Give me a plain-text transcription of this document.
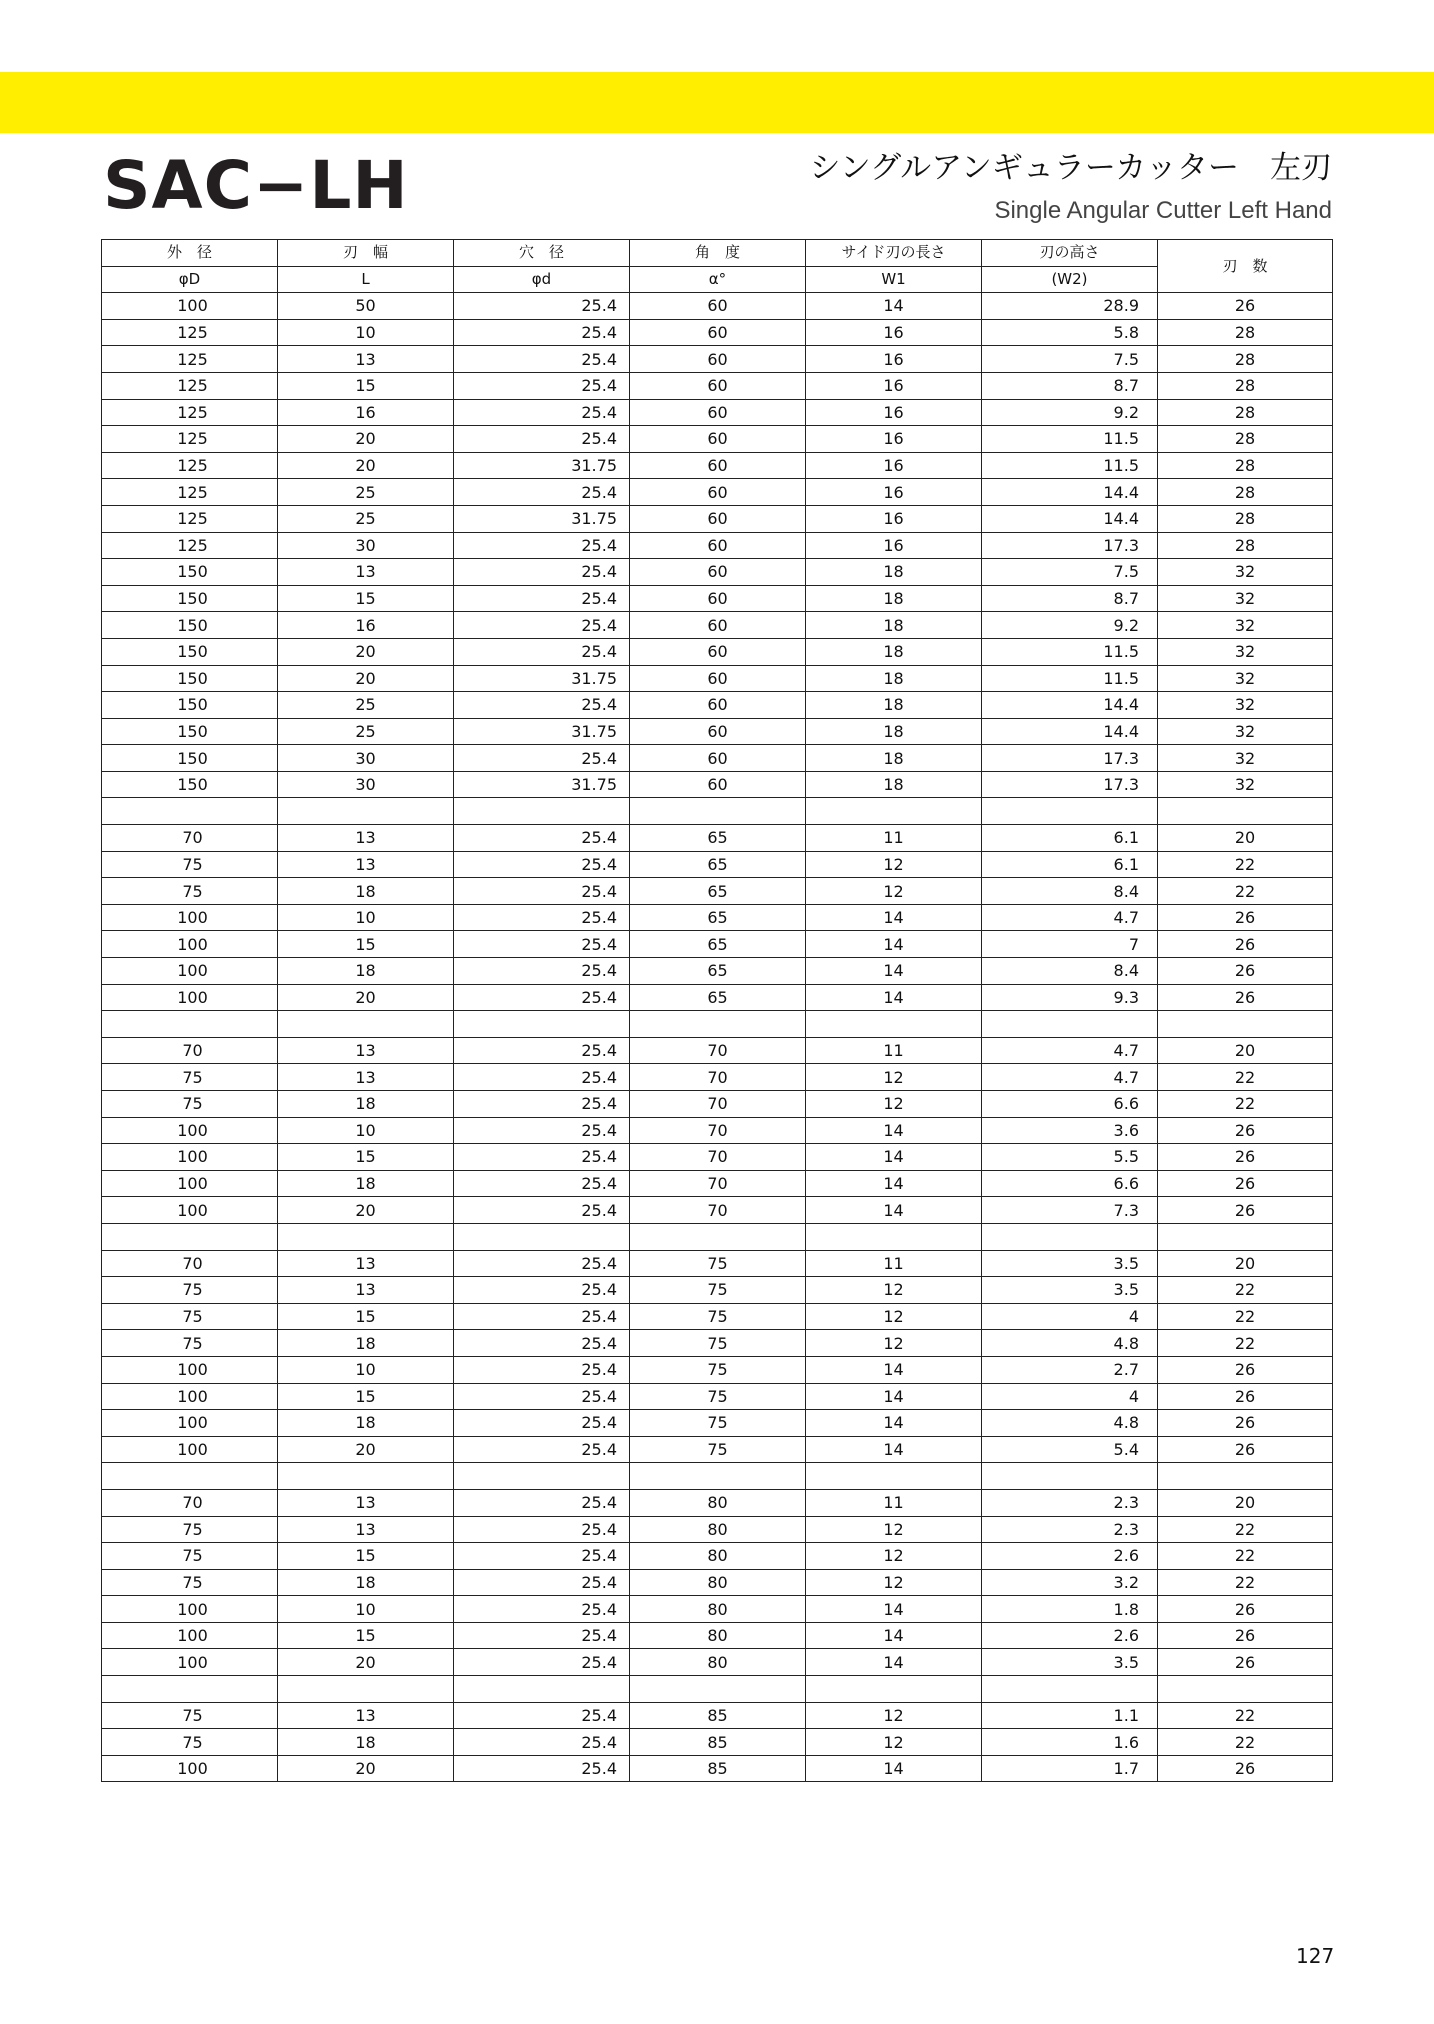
SAC−LH	シングルアンギュラーカッター　左刃
Single Angular Cutter Left Hand
外　径	刃　幅	穴　径	角　度	サイド刃の長さ	刃の高さ	刃　数
φD	L	φd	α°	W1	(W2)	
100	50	25.4	60	14	28.9	26
125	10	25.4	60	16	5.8	28
125	13	25.4	60	16	7.5	28
125	15	25.4	60	16	8.7	28
125	16	25.4	60	16	9.2	28
125	20	25.4	60	16	11.5	28
125	20	31.75	60	16	11.5	28
125	25	25.4	60	16	14.4	28
125	25	31.75	60	16	14.4	28
125	30	25.4	60	16	17.3	28
150	13	25.4	60	18	7.5	32
150	15	25.4	60	18	8.7	32
150	16	25.4	60	18	9.2	32
150	20	25.4	60	18	11.5	32
150	20	31.75	60	18	11.5	32
150	25	25.4	60	18	14.4	32
150	25	31.75	60	18	14.4	32
150	30	25.4	60	18	17.3	32
150	30	31.75	60	18	17.3	32

70	13	25.4	65	11	6.1	20
75	13	25.4	65	12	6.1	22
75	18	25.4	65	12	8.4	22
100	10	25.4	65	14	4.7	26
100	15	25.4	65	14	7	26
100	18	25.4	65	14	8.4	26
100	20	25.4	65	14	9.3	26

70	13	25.4	70	11	4.7	20
75	13	25.4	70	12	4.7	22
75	18	25.4	70	12	6.6	22
100	10	25.4	70	14	3.6	26
100	15	25.4	70	14	5.5	26
100	18	25.4	70	14	6.6	26
100	20	25.4	70	14	7.3	26

70	13	25.4	75	11	3.5	20
75	13	25.4	75	12	3.5	22
75	15	25.4	75	12	4	22
75	18	25.4	75	12	4.8	22
100	10	25.4	75	14	2.7	26
100	15	25.4	75	14	4	26
100	18	25.4	75	14	4.8	26
100	20	25.4	75	14	5.4	26

70	13	25.4	80	11	2.3	20
75	13	25.4	80	12	2.3	22
75	15	25.4	80	12	2.6	22
75	18	25.4	80	12	3.2	22
100	10	25.4	80	14	1.8	26
100	15	25.4	80	14	2.6	26
100	20	25.4	80	14	3.5	26

75	13	25.4	85	12	1.1	22
75	18	25.4	85	12	1.6	22
100	20	25.4	85	14	1.7	26
127
